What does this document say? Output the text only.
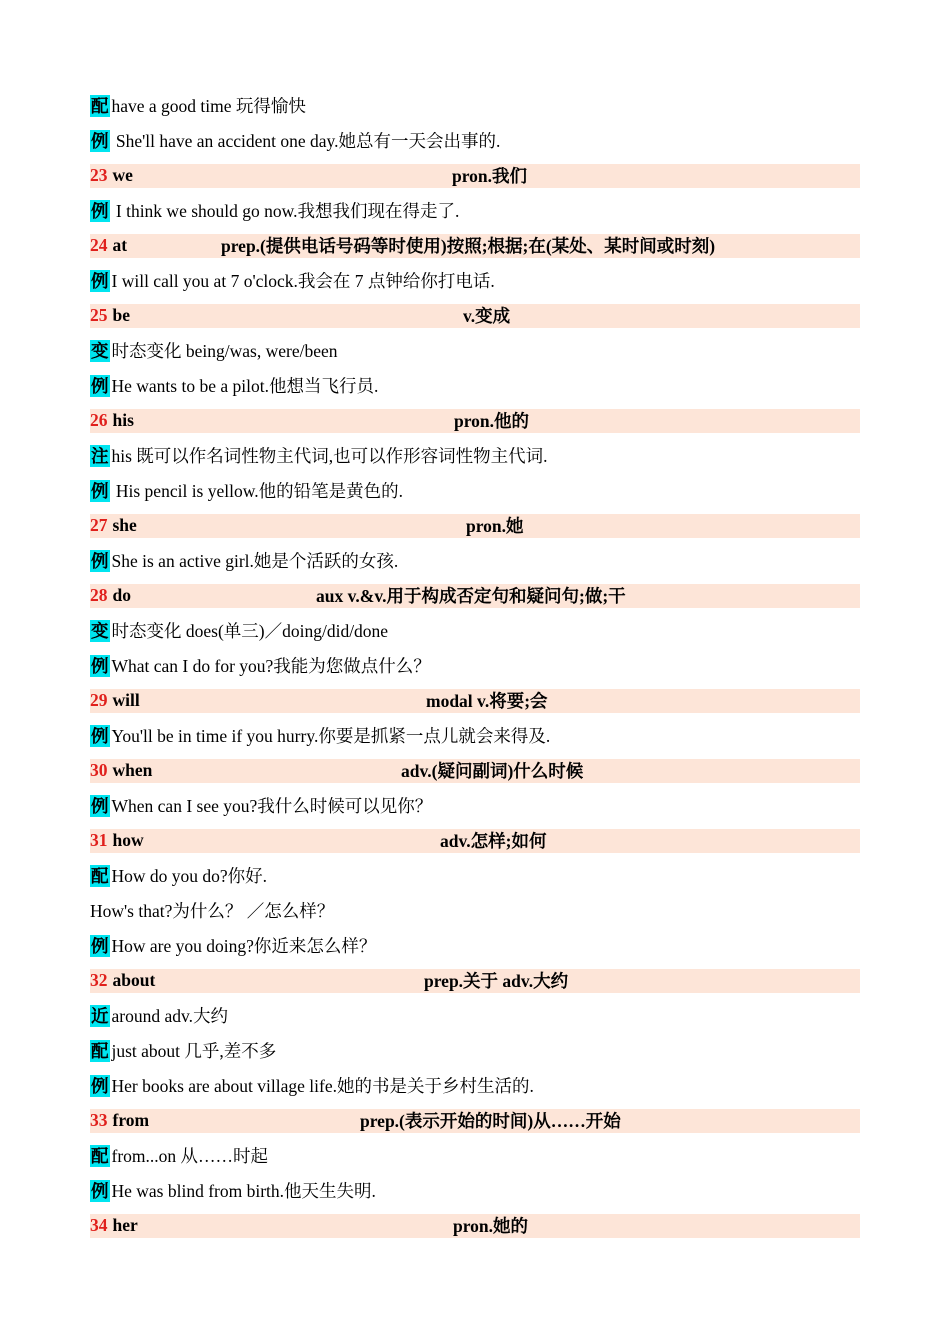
配 have a good time 玩得愉快
例 She'll have an accident one day.她总有一天会出事的.
23 we	pron.我们
例 I think we should go now.我想我们现在得走了.
24 at	prep.(提供电话号码等时使用)按照;根据;在(某处、某时间或时刻)
例 I will call you at 7 o'clock.我会在 7 点钟给你打电话.
25 be	v.变成
变 时态变化 being/was, were/been
例 He wants to be a pilot.他想当飞行员.
26 his	pron.他的
注 his 既可以作名词性物主代词,也可以作形容词性物主代词.
例 His pencil is yellow.他的铅笔是黄色的.
27 she	pron.她
例 She is an active girl.她是个活跃的女孩.
28 do	aux v.&v.用于构成否定句和疑问句;做;干
变 时态变化 does(单三)／doing/did/done
例 What can I do for you?我能为您做点什么？
29 will	modal v.将要;会
例 You'll be in time if you hurry.你要是抓紧一点儿就会来得及.
30 when	adv.(疑问副词)什么时候
例 When can I see you?我什么时候可以见你？
31 how	adv.怎样;如何
配 How do you do?你好.
How's that?为什么？ ／怎么样？
例 How are you doing?你近来怎么样？
32 about	prep.关于 adv.大约
近 around adv.大约
配 just about 几乎,差不多
例 Her books are about village life.她的书是关于乡村生活的.
33 from	prep.(表示开始的时间)从……开始
配 from...on 从……时起
例 He was blind from birth.他天生失明.
34 her	pron.她的
